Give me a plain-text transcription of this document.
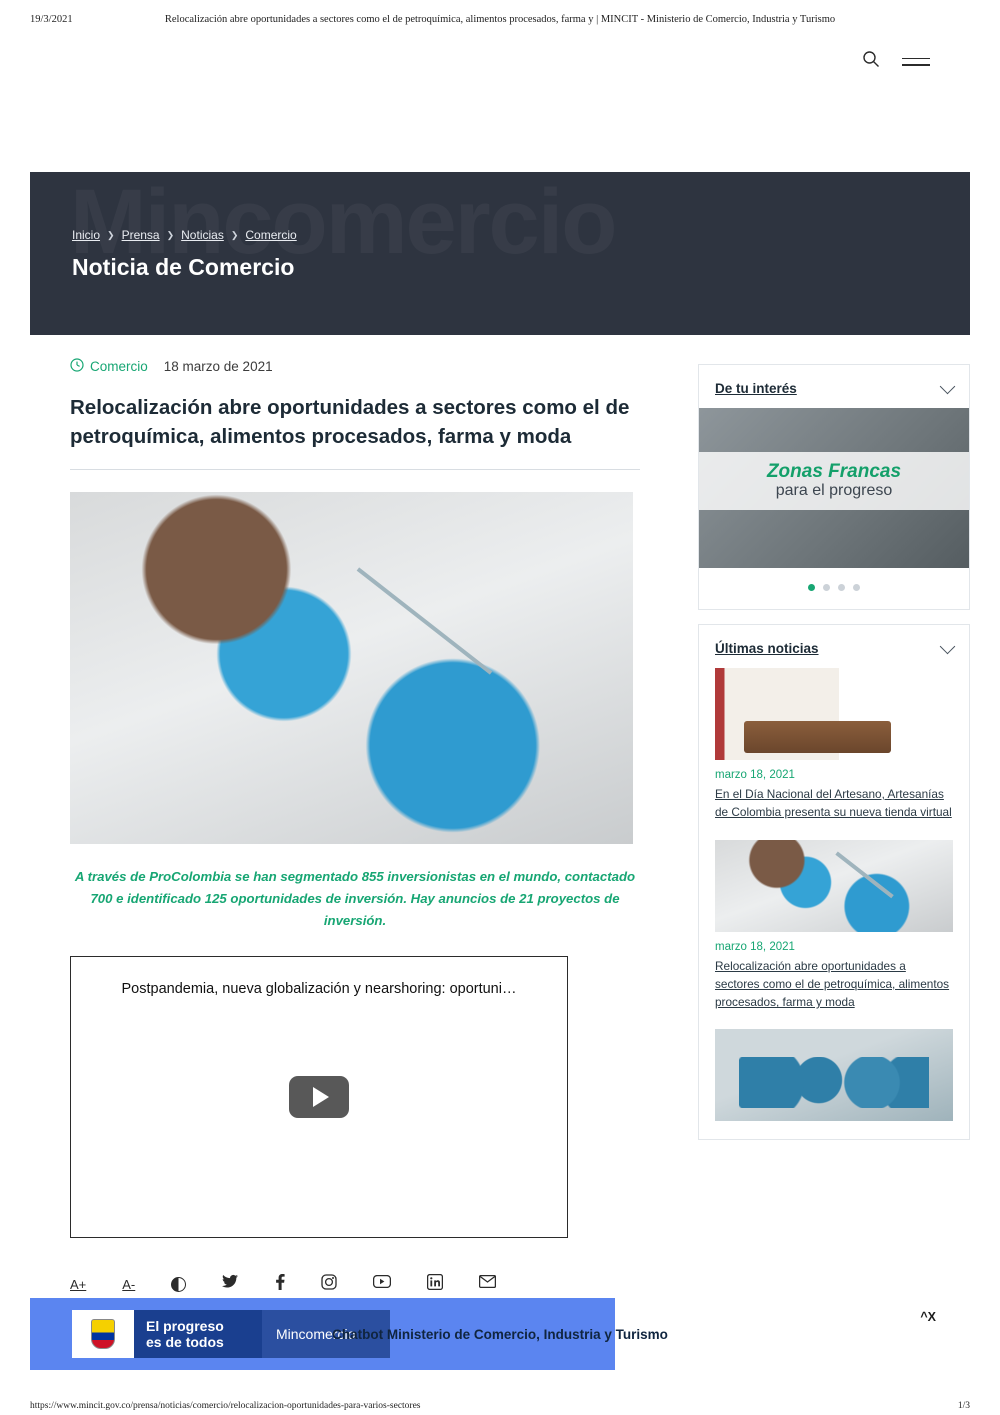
19/3/2021	Relocalización abre oportunidades a sectores como el de petroquímica, alimentos procesados, farma y | MINCIT - Ministerio de Comercio, Industria y Turismo
Inicio ❯ Prensa ❯ Noticias ❯ Comercio
Noticia de Comercio
Comercio 18 marzo de 2021
Relocalización abre oportunidades a sectores como el de petroquímica, alimentos procesados, farma y moda

A través de ProColombia se han segmentado 855 inversionistas en el mundo, contactado 700 e identificado 125 oportunidades de inversión. Hay anuncios de 21 proyectos de inversión.

Postpandemia, nueva globalización y nearshoring: oportuni…
A+	A-
De tu interés
Zonas Francas
para el progreso
Últimas noticias
marzo 18, 2021
En el Día Nacional del Artesano, Artesanías de Colombia presenta su nueva tienda virtual
marzo 18, 2021
Relocalización abre oportunidades a sectores como el de petroquímica, alimentos procesados, farma y moda
El progreso
es de todos	Mincomercio
Chatbot Ministerio de Comercio, Industria y Turismo
^X
https://www.mincit.gov.co/prensa/noticias/comercio/relocalizacion-oportunidades-para-varios-sectores	1/3
